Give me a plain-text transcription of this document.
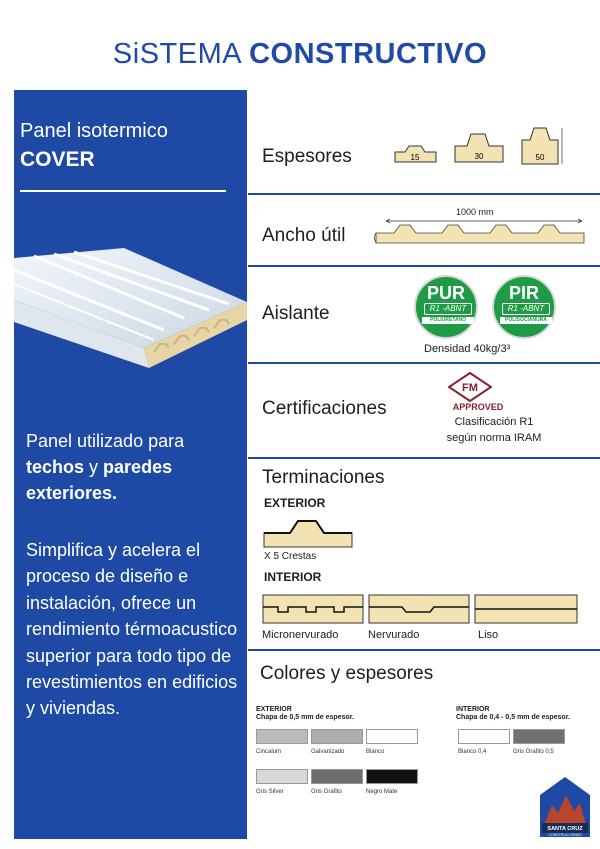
SiSTEMA CONSTRUCTIVO
Panel isotermico
COVER
Panel utilizado para
techos y paredes
exteriores.
Simplifica y acelera el proceso de diseño e instalación, ofrece un rendimiento térmoacustico superior para todo tipo de revestimientos en edificios y viviendas.
Espesores	15	30	50
Ancho útil
1000 mm
Aislante
PUR
R1 -ABNT
POLIURETANO
PIR
R1 -ABNT
POLISOCIANURA
Densidad 40kg/3³
Certificaciones
FM
APPROVED
Clasificación R1
según norma IRAM
Terminaciones
EXTERIOR
X 5 Crestas
INTERIOR
Micronervurado	Nervurado	Liso
Colores y espesores
EXTERIOR
Chapa de 0,5 mm de espesor.
INTERIOR
Chapa de 0,4 - 0,5 mm de espesor.
Cincalum	Galvanizado	Blanco
Gris Silver	Gris Grafito	Negro Mate
Blanco 0,4	Gris Grafito 0,5
SANTA CRUZ
CONSTRUCCIONES
